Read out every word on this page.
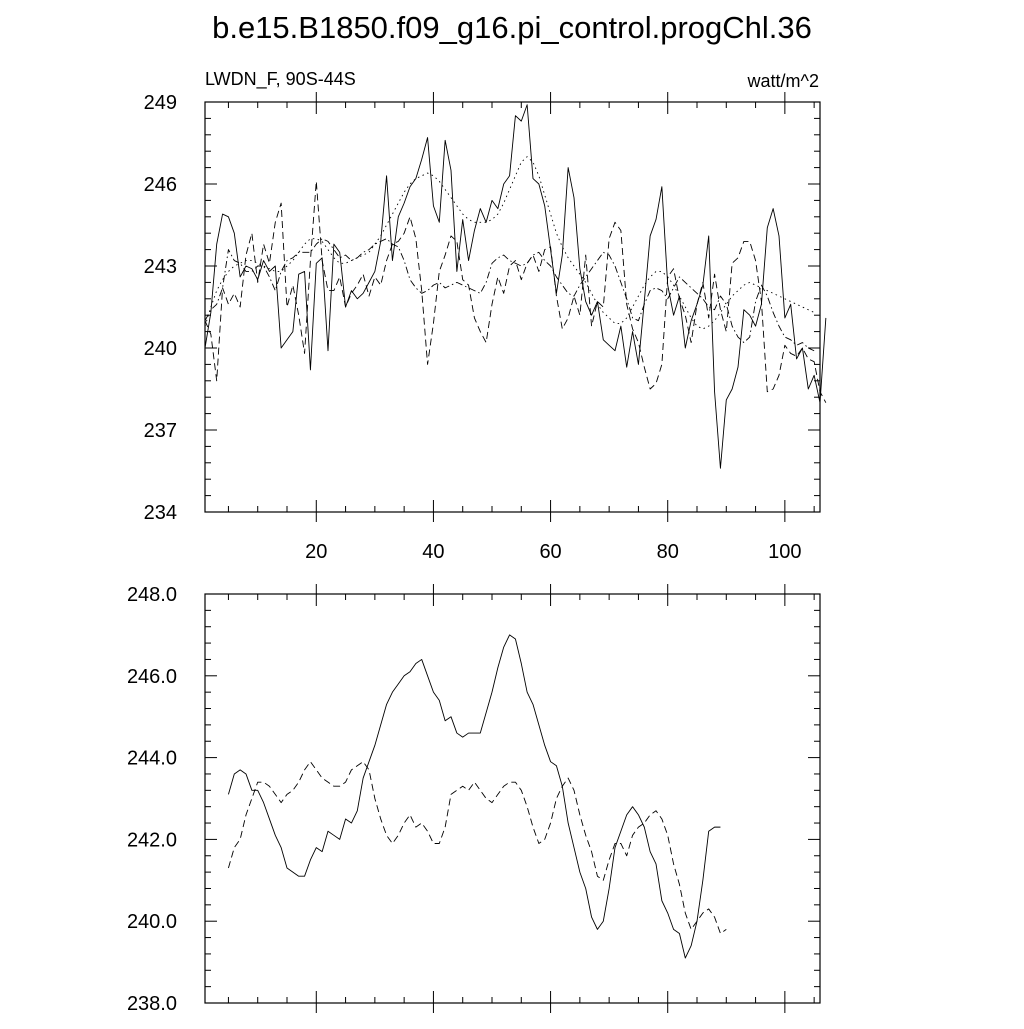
b.e15.B1850.f09_g16.pi_control.progChl.36
LWDN_F, 90S-44S	watt/m^2
234
237
240
243
246
249
20	40	60	80	100
238.0
240.0
242.0
244.0
246.0
248.0
